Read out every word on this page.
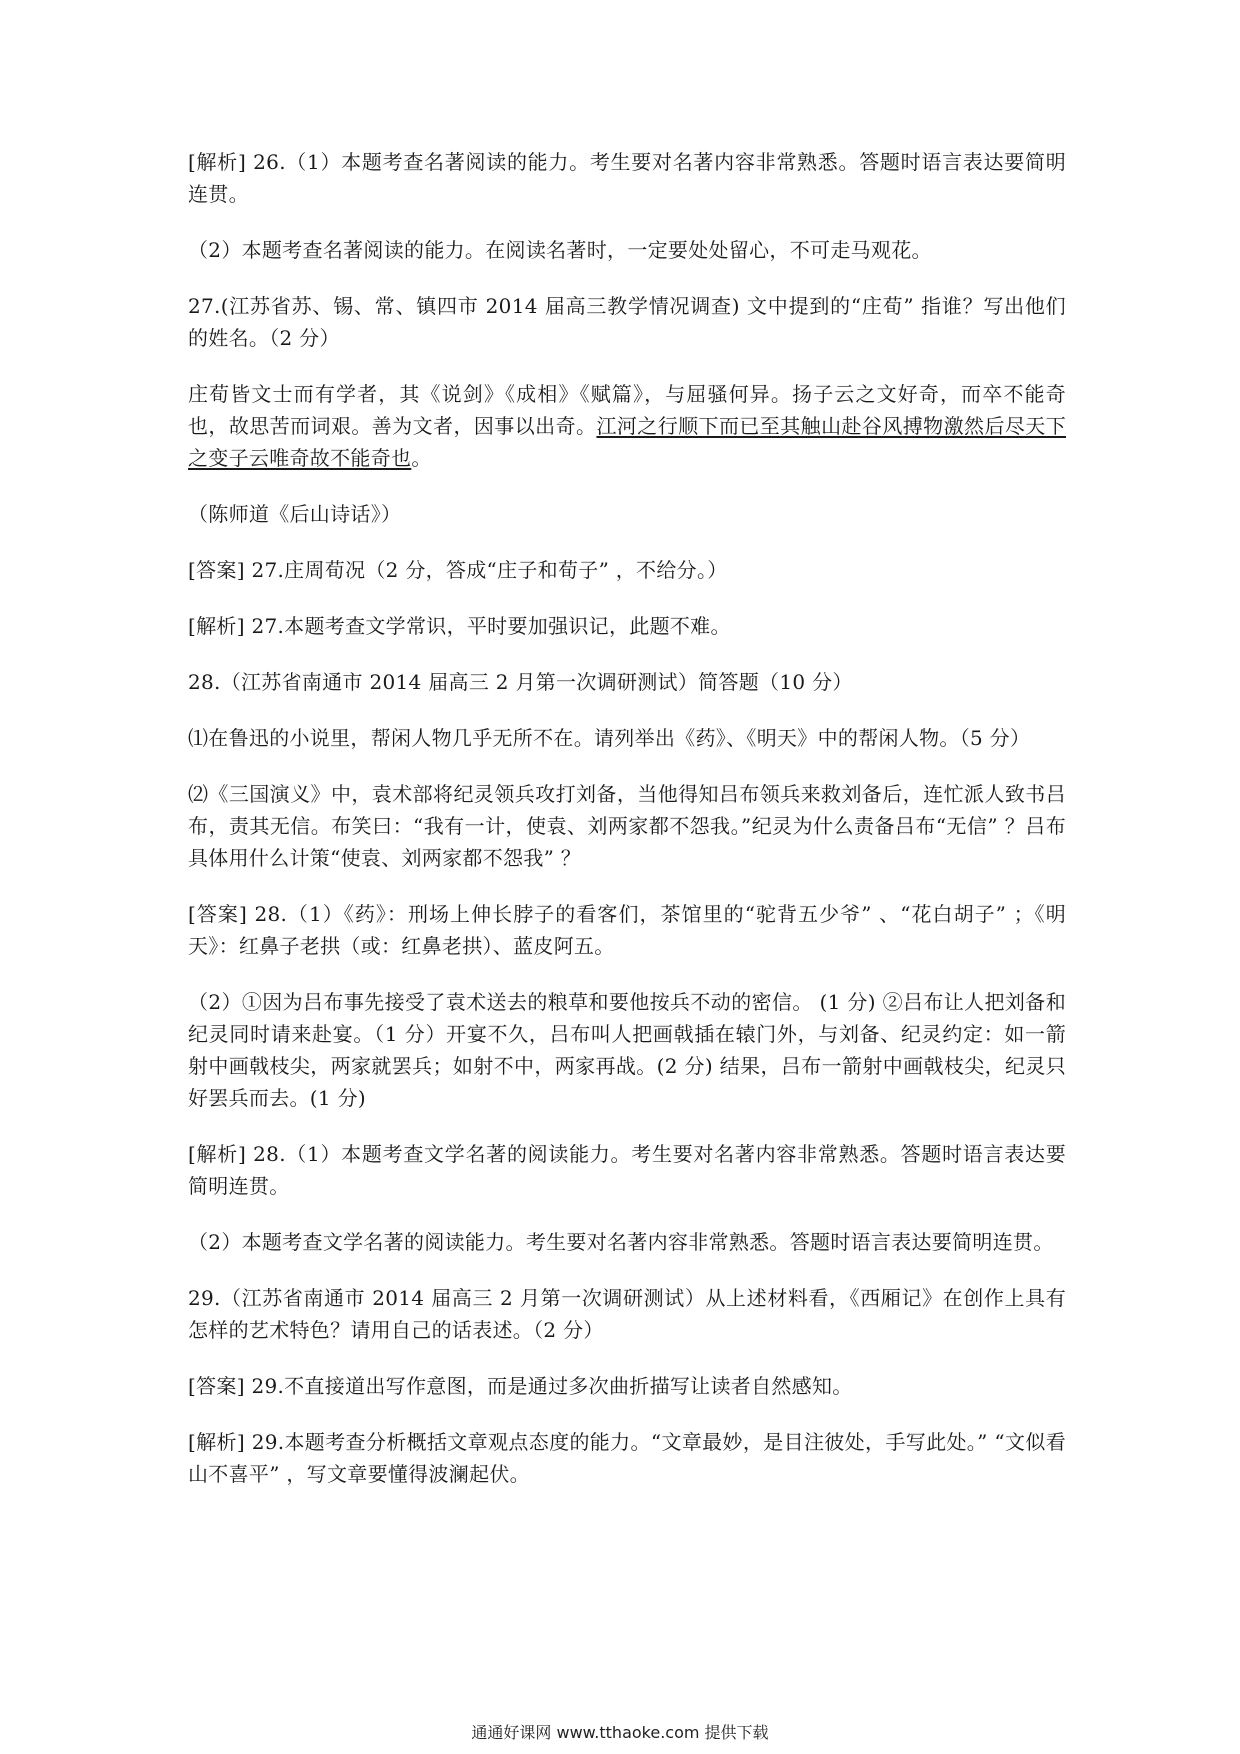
[解析] 26.（1）本题考查名著阅读的能力。考生要对名著内容非常熟悉。答题时语言表达要简明连贯。

（2）本题考查名著阅读的能力。在阅读名著时，一定要处处留心，不可走马观花。

27.(江苏省苏、锡、常、镇四市 2014 届高三教学情况调查) 文中提到的“庄荀” 指谁？写出他们的姓名。（2 分）

庄荀皆文士而有学者，其《说剑》《成相》《赋篇》，与屈骚何异。扬子云之文好奇，而卒不能奇也，故思苦而词艰。善为文者，因事以出奇。江河之行顺下而已至其触山赴谷风搏物激然后尽天下之变子云唯奇故不能奇也。

（陈师道《后山诗话》）

[答案] 27.庄周荀况（2 分，答成“庄子和荀子” ，不给分。）

[解析] 27.本题考查文学常识，平时要加强识记，此题不难。

28.（江苏省南通市 2014 届高三 2 月第一次调研测试）简答题（10 分）

⑴在鲁迅的小说里，帮闲人物几乎无所不在。请列举出《药》、《明天》中的帮闲人物。（5 分）

⑵《三国演义》中，袁术部将纪灵领兵攻打刘备，当他得知吕布领兵来救刘备后，连忙派人致书吕布，责其无信。布笑曰：“我有一计，使袁、刘两家都不怨我。”纪灵为什么责备吕布“无信” ？吕布具体用什么计策“使袁、刘两家都不怨我” ？

[答案] 28.（1）《药》：刑场上伸长脖子的看客们，茶馆里的“驼背五少爷” 、“花白胡子” ；《明天》：红鼻子老拱（或：红鼻老拱）、蓝皮阿五。

（2）①因为吕布事先接受了袁术送去的粮草和要他按兵不动的密信。 (1 分) ②吕布让人把刘备和纪灵同时请来赴宴。（1 分）开宴不久，吕布叫人把画戟插在辕门外，与刘备、纪灵约定：如一箭射中画戟枝尖，两家就罢兵；如射不中，两家再战。(2 分) 结果，吕布一箭射中画戟枝尖，纪灵只好罢兵而去。(1 分)

[解析] 28.（1）本题考查文学名著的阅读能力。考生要对名著内容非常熟悉。答题时语言表达要简明连贯。

（2）本题考查文学名著的阅读能力。考生要对名著内容非常熟悉。答题时语言表达要简明连贯。

29.（江苏省南通市 2014 届高三 2 月第一次调研测试）从上述材料看，《西厢记》在创作上具有怎样的艺术特色？请用自己的话表述。（2 分）

[答案] 29.不直接道出写作意图，而是通过多次曲折描写让读者自然感知。

[解析] 29.本题考查分析概括文章观点态度的能力。“文章最妙，是目注彼处，手写此处。” “文似看山不喜平” ，写文章要懂得波澜起伏。

通通好课网 www.tthaoke.com 提供下载
